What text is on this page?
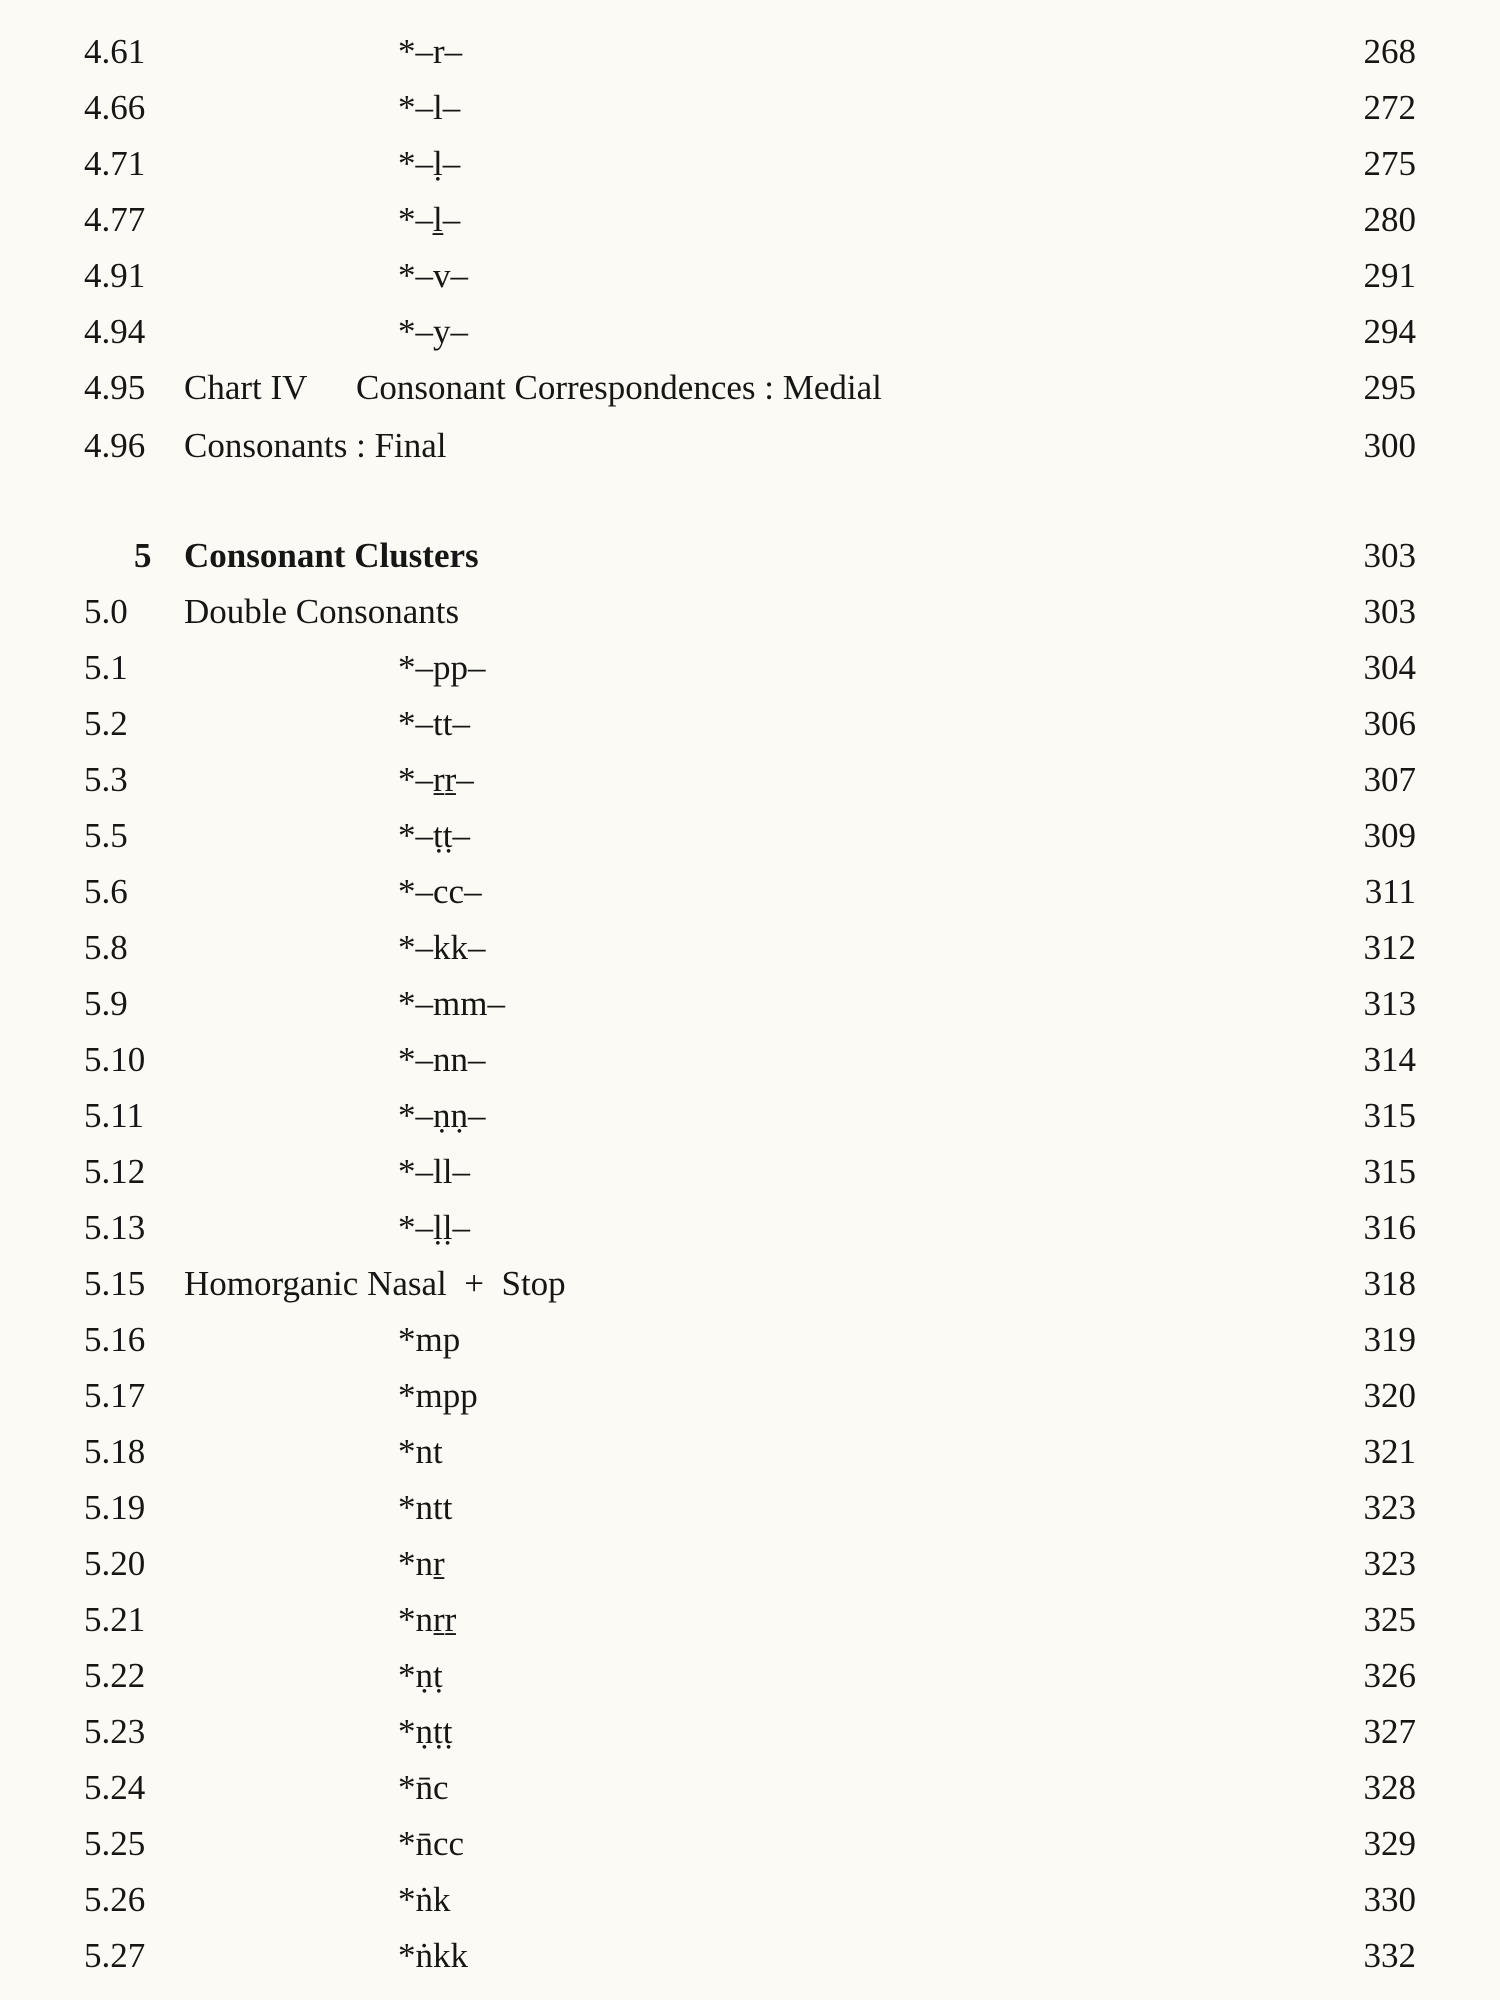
4.61	*–r–	268
4.66	*–l–	272
4.71	*–ḷ–	275
4.77	*–ḻ–	280
4.91	*–v–	291
4.94	*–y–	294
4.95 Chart IV Consonant Correspondences : Medial	295
4.96 Consonants : Final	300
5 Consonant Clusters	303
5.0 Double Consonants	303
5.1	*–pp–	304
5.2	*–tt–	306
5.3	*–ṟṟ–	307
5.5	*–ṭṭ–	309
5.6	*–cc–	311
5.8	*–kk–	312
5.9	*–mm–	313
5.10	*–nn–	314
5.11	*–ṇṇ–	315
5.12	*–ll–	315
5.13	*–ḷḷ–	316
5.15 Homorganic Nasal  +  Stop	318
5.16	*mp	319
5.17	*mpp	320
5.18	*nt	321
5.19	*ntt	323
5.20	*nṟ	323
5.21	*nṟṟ	325
5.22	*ṇṭ	326
5.23	*ṇṭṭ	327
5.24	*n̄c	328
5.25	*n̄cc	329
5.26	*ṅk	330
5.27	*ṅkk	332
